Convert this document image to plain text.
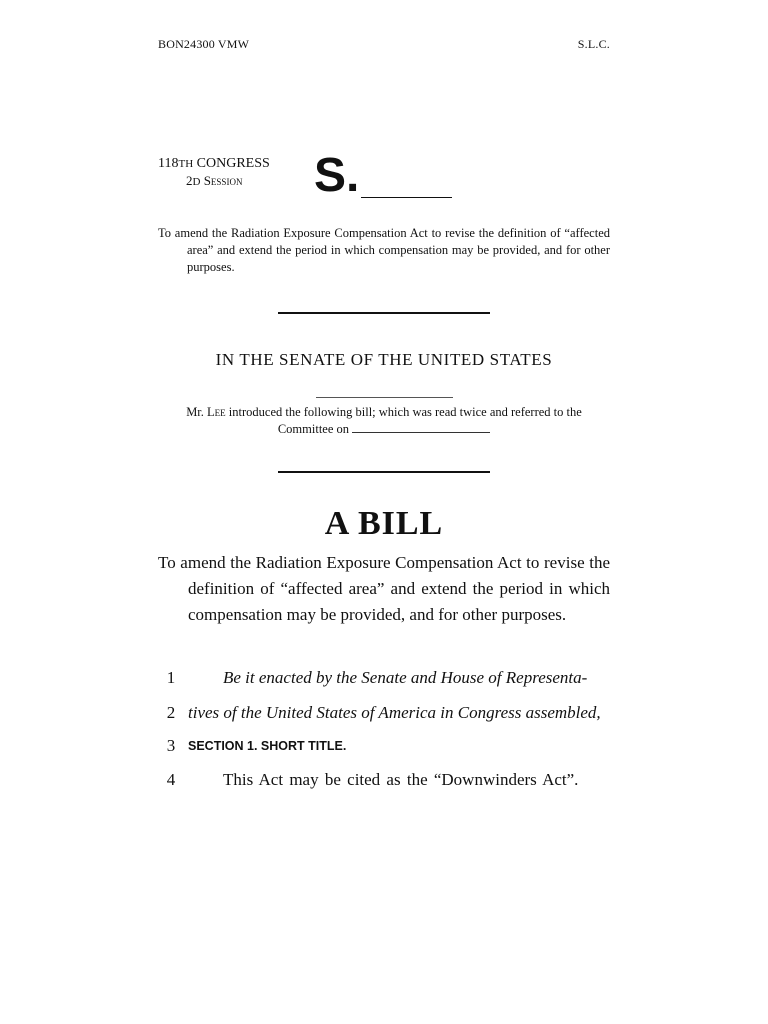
BON24300 VMW	S.L.C.
118TH CONGRESS
2D Session S.
To amend the Radiation Exposure Compensation Act to revise the definition of “affected area” and extend the period in which compensation may be provided, and for other purposes.
IN THE SENATE OF THE UNITED STATES
Mr. Lee introduced the following bill; which was read twice and referred to the Committee on
A BILL
To amend the Radiation Exposure Compensation Act to revise the definition of “affected area” and extend the period in which compensation may be provided, and for other purposes.
1	Be it enacted by the Senate and House of Representa-
2 tives of the United States of America in Congress assembled,
3	SECTION 1. SHORT TITLE.
4	This Act may be cited as the “Downwinders Act”.
